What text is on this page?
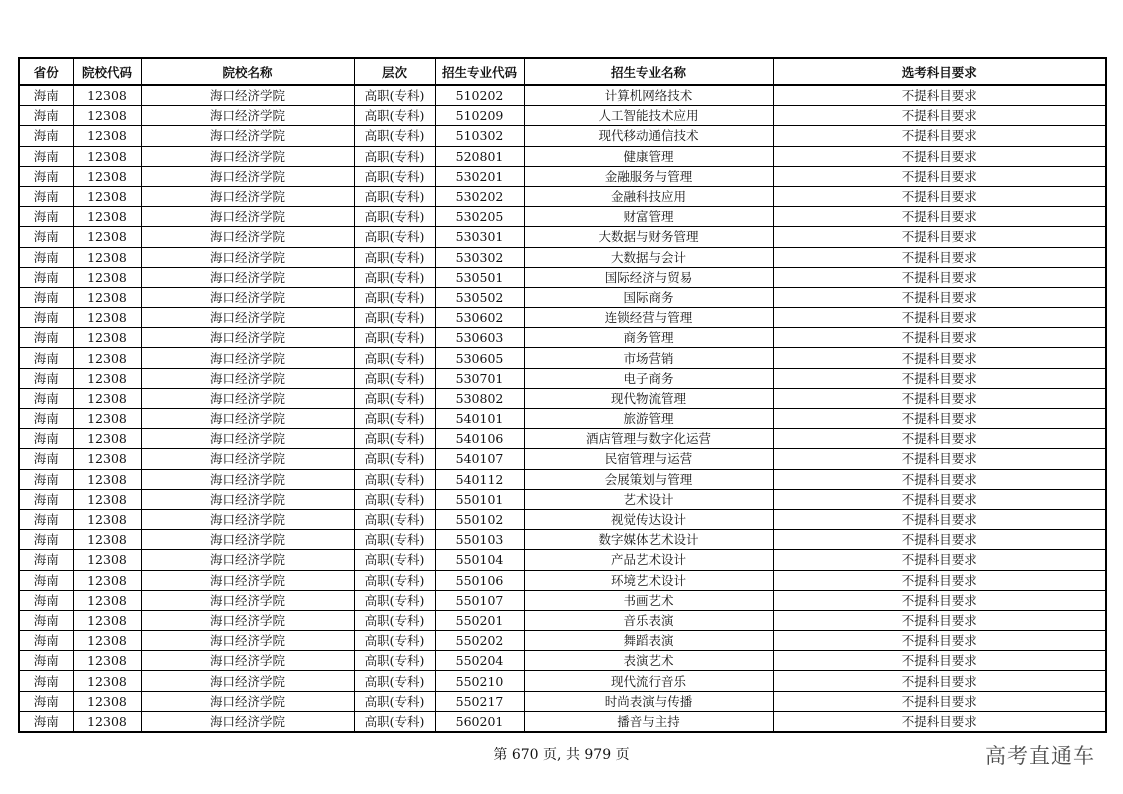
省份	院校代码	院校名称	层次	招生专业代码	招生专业名称	选考科目要求
海南	12308	海口经济学院	高职(专科)	510202	计算机网络技术	不提科目要求
海南	12308	海口经济学院	高职(专科)	510209	人工智能技术应用	不提科目要求
海南	12308	海口经济学院	高职(专科)	510302	现代移动通信技术	不提科目要求
海南	12308	海口经济学院	高职(专科)	520801	健康管理	不提科目要求
海南	12308	海口经济学院	高职(专科)	530201	金融服务与管理	不提科目要求
海南	12308	海口经济学院	高职(专科)	530202	金融科技应用	不提科目要求
海南	12308	海口经济学院	高职(专科)	530205	财富管理	不提科目要求
海南	12308	海口经济学院	高职(专科)	530301	大数据与财务管理	不提科目要求
海南	12308	海口经济学院	高职(专科)	530302	大数据与会计	不提科目要求
海南	12308	海口经济学院	高职(专科)	530501	国际经济与贸易	不提科目要求
海南	12308	海口经济学院	高职(专科)	530502	国际商务	不提科目要求
海南	12308	海口经济学院	高职(专科)	530602	连锁经营与管理	不提科目要求
海南	12308	海口经济学院	高职(专科)	530603	商务管理	不提科目要求
海南	12308	海口经济学院	高职(专科)	530605	市场营销	不提科目要求
海南	12308	海口经济学院	高职(专科)	530701	电子商务	不提科目要求
海南	12308	海口经济学院	高职(专科)	530802	现代物流管理	不提科目要求
海南	12308	海口经济学院	高职(专科)	540101	旅游管理	不提科目要求
海南	12308	海口经济学院	高职(专科)	540106	酒店管理与数字化运营	不提科目要求
海南	12308	海口经济学院	高职(专科)	540107	民宿管理与运营	不提科目要求
海南	12308	海口经济学院	高职(专科)	540112	会展策划与管理	不提科目要求
海南	12308	海口经济学院	高职(专科)	550101	艺术设计	不提科目要求
海南	12308	海口经济学院	高职(专科)	550102	视觉传达设计	不提科目要求
海南	12308	海口经济学院	高职(专科)	550103	数字媒体艺术设计	不提科目要求
海南	12308	海口经济学院	高职(专科)	550104	产品艺术设计	不提科目要求
海南	12308	海口经济学院	高职(专科)	550106	环境艺术设计	不提科目要求
海南	12308	海口经济学院	高职(专科)	550107	书画艺术	不提科目要求
海南	12308	海口经济学院	高职(专科)	550201	音乐表演	不提科目要求
海南	12308	海口经济学院	高职(专科)	550202	舞蹈表演	不提科目要求
海南	12308	海口经济学院	高职(专科)	550204	表演艺术	不提科目要求
海南	12308	海口经济学院	高职(专科)	550210	现代流行音乐	不提科目要求
海南	12308	海口经济学院	高职(专科)	550217	时尚表演与传播	不提科目要求
海南	12308	海口经济学院	高职(专科)	560201	播音与主持	不提科目要求
第 670 页, 共 979 页	高考直通车
